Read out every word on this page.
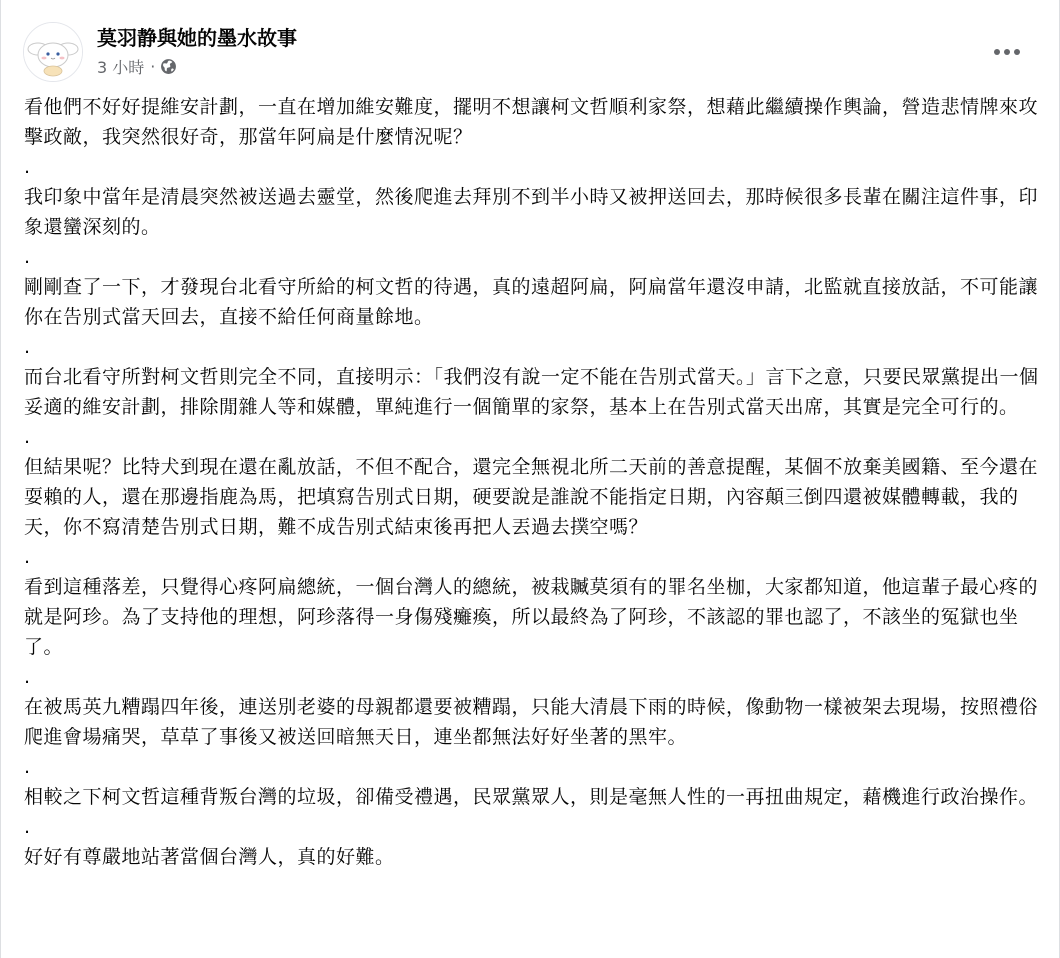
莫羽静與她的墨水故事
3 小時 ·

看他們不好好提維安計劃，一直在增加維安難度，擺明不想讓柯文哲順利家祭，想藉此繼續操作輿論，營造悲情牌來攻擊政敵，我突然很好奇，那當年阿扁是什麼情況呢？

.

我印象中當年是清晨突然被送過去靈堂，然後爬進去拜別不到半小時又被押送回去，那時候很多長輩在關注這件事，印象還蠻深刻的。

.

剛剛查了一下，才發現台北看守所給的柯文哲的待遇，真的遠超阿扁，阿扁當年還沒申請，北監就直接放話，不可能讓你在告別式當天回去，直接不給任何商量餘地。

.

而台北看守所對柯文哲則完全不同，直接明示：「我們沒有說一定不能在告別式當天。」言下之意，只要民眾黨提出一個妥適的維安計劃，排除閒雜人等和媒體，單純進行一個簡單的家祭，基本上在告別式當天出席，其實是完全可行的。

.

但結果呢？比特犬到現在還在亂放話，不但不配合，還完全無視北所二天前的善意提醒，某個不放棄美國籍、至今還在耍賴的人，還在那邊指鹿為馬，把填寫告別式日期，硬要說是誰說不能指定日期，內容顛三倒四還被媒體轉載，我的天，你不寫清楚告別式日期，難不成告別式結束後再把人丟過去撲空嗎？

.

看到這種落差，只覺得心疼阿扁總統，一個台灣人的總統，被栽贓莫須有的罪名坐枷，大家都知道，他這輩子最心疼的就是阿珍。為了支持他的理想，阿珍落得一身傷殘癱瘓，所以最終為了阿珍，不該認的罪也認了，不該坐的冤獄也坐了。

.

在被馬英九糟蹋四年後，連送別老婆的母親都還要被糟蹋，只能大清晨下雨的時候，像動物一樣被架去現場，按照禮俗爬進會場痛哭，草草了事後又被送回暗無天日，連坐都無法好好坐著的黑牢。

.

相較之下柯文哲這種背叛台灣的垃圾，卻備受禮遇，民眾黨眾人，則是毫無人性的一再扭曲規定，藉機進行政治操作。

.

好好有尊嚴地站著當個台灣人，真的好難。
